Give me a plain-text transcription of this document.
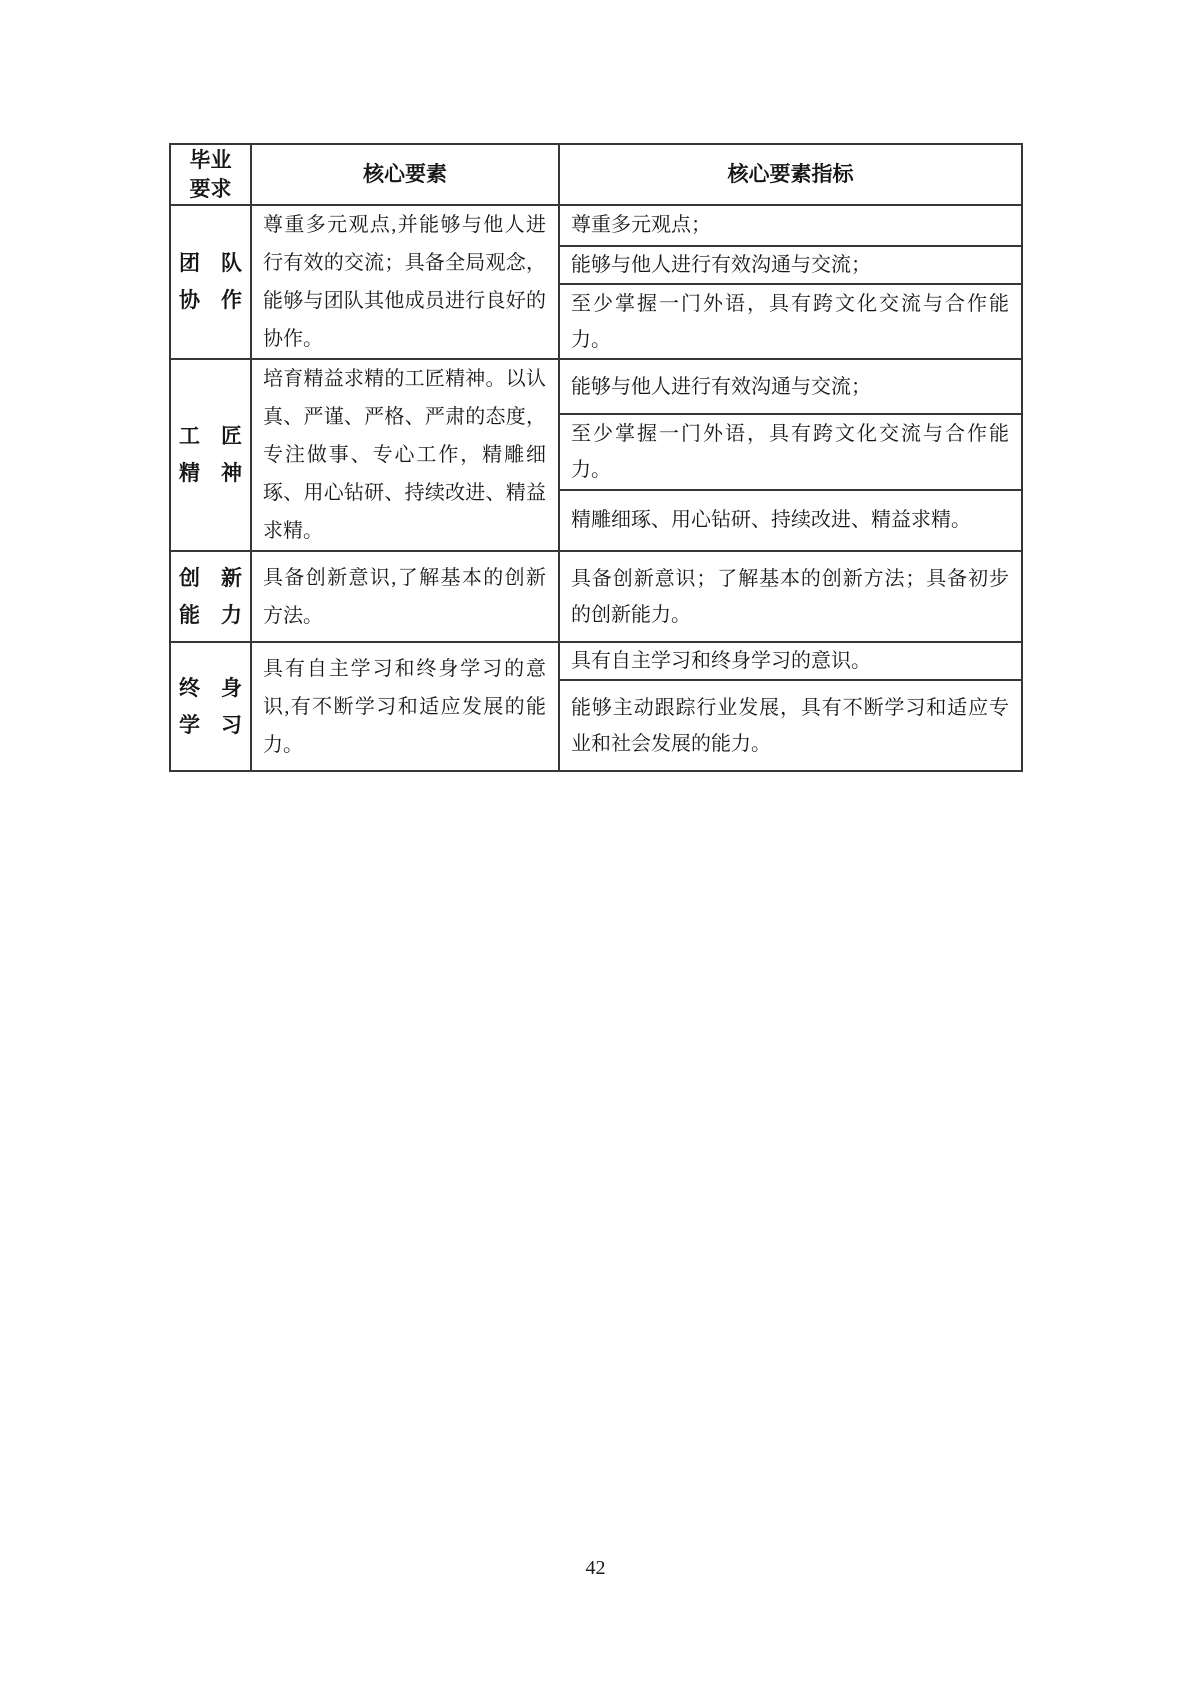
毕业
要求	核心要素	核心要素指标

团　队
协　作	尊重多元观点,并能够与他人进行有效的交流；具备全局观念，能够与团队其他成员进行良好的协作。	尊重多元观点；
		能够与他人进行有效沟通与交流；
		至少掌握一门外语，具有跨文化交流与合作能力。

工　匠
精　神	培育精益求精的工匠精神。以认真、严谨、严格、严肃的态度，专注做事、专心工作，精雕细琢、用心钻研、持续改进、精益求精。	能够与他人进行有效沟通与交流；
		至少掌握一门外语，具有跨文化交流与合作能力。
		精雕细琢、用心钻研、持续改进、精益求精。

创　新
能　力	具备创新意识,了解基本的创新方法。	具备创新意识；了解基本的创新方法；具备初步的创新能力。

终　身
学　习	具有自主学习和终身学习的意识,有不断学习和适应发展的能力。	具有自主学习和终身学习的意识。
		能够主动跟踪行业发展，具有不断学习和适应专业和社会发展的能力。
42
